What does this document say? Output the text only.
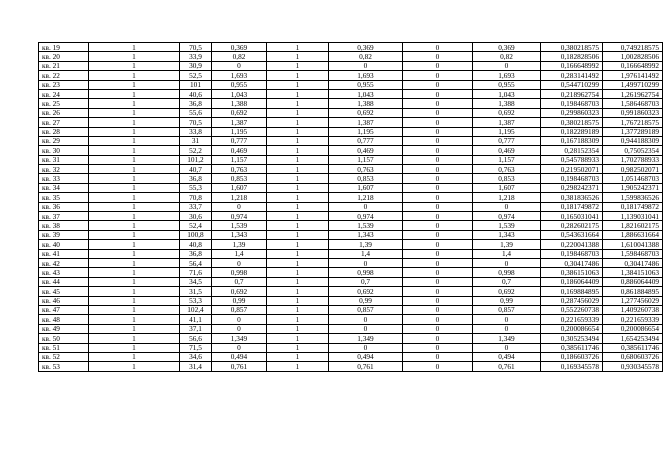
кв. 19	1	70,5	0,369	1	0,369	0	0,369	0,380218575	0,749218575
кв. 20	1	33,9	0,82	1	0,82	0	0,82	0,182828506	1,002828506
кв. 21	1	30,9	0	1	0	0	0	0,166648992	0,166648992
кв. 22	1	52,5	1,693	1	1,693	0	1,693	0,283141492	1,976141492
кв. 23	1	101	0,955	1	0,955	0	0,955	0,544710299	1,499710299
кв. 24	1	40,6	1,043	1	1,043	0	1,043	0,218962754	1,261962754
кв. 25	1	36,8	1,388	1	1,388	0	1,388	0,198468703	1,586468703
кв. 26	1	55,6	0,692	1	0,692	0	0,692	0,299860323	0,991860323
кв. 27	1	70,5	1,387	1	1,387	0	1,387	0,380218575	1,767218575
кв. 28	1	33,8	1,195	1	1,195	0	1,195	0,182289189	1,377289189
кв. 29	1	31	0,777	1	0,777	0	0,777	0,167188309	0,944188309
кв. 30	1	52,2	0,469	1	0,469	0	0,469	0,28152354	0,75052354
кв. 31	1	101,2	1,157	1	1,157	0	1,157	0,545788933	1,702788933
кв. 32	1	40,7	0,763	1	0,763	0	0,763	0,219502071	0,982502071
кв. 33	1	36,8	0,853	1	0,853	0	0,853	0,198468703	1,051468703
кв. 34	1	55,3	1,607	1	1,607	0	1,607	0,298242371	1,905242371
кв. 35	1	70,8	1,218	1	1,218	0	1,218	0,381836526	1,599836526
кв. 36	1	33,7	0	1	0	0	0	0,181749872	0,181749872
кв. 37	1	30,6	0,974	1	0,974	0	0,974	0,165031041	1,139031041
кв. 38	1	52,4	1,539	1	1,539	0	1,539	0,282602175	1,821602175
кв. 39	1	100,8	1,343	1	1,343	0	1,343	0,543631664	1,886631664
кв. 40	1	40,8	1,39	1	1,39	0	1,39	0,220041388	1,610041388
кв. 41	1	36,8	1,4	1	1,4	0	1,4	0,198468703	1,598468703
кв. 42	1	56,4	0	1	0	0	0	0,30417486	0,30417486
кв. 43	1	71,6	0,998	1	0,998	0	0,998	0,386151063	1,384151063
кв. 44	1	34,5	0,7	1	0,7	0	0,7	0,186064409	0,886064409
кв. 45	1	31,5	0,692	1	0,692	0	0,692	0,169884895	0,861884895
кв. 46	1	53,3	0,99	1	0,99	0	0,99	0,287456029	1,277456029
кв. 47	1	102,4	0,857	1	0,857	0	0,857	0,552260738	1,409260738
кв. 48	1	41,1	0	1	0	0	0	0,221659339	0,221659339
кв. 49	1	37,1	0	1	0	0	0	0,200086654	0,200086654
кв. 50	1	56,6	1,349	1	1,349	0	1,349	0,305253494	1,654253494
кв. 51	1	71,5	0	1	0	0	0	0,385611746	0,385611746
кв. 52	1	34,6	0,494	1	0,494	0	0,494	0,186603726	0,680603726
кв. 53	1	31,4	0,761	1	0,761	0	0,761	0,169345578	0,930345578
